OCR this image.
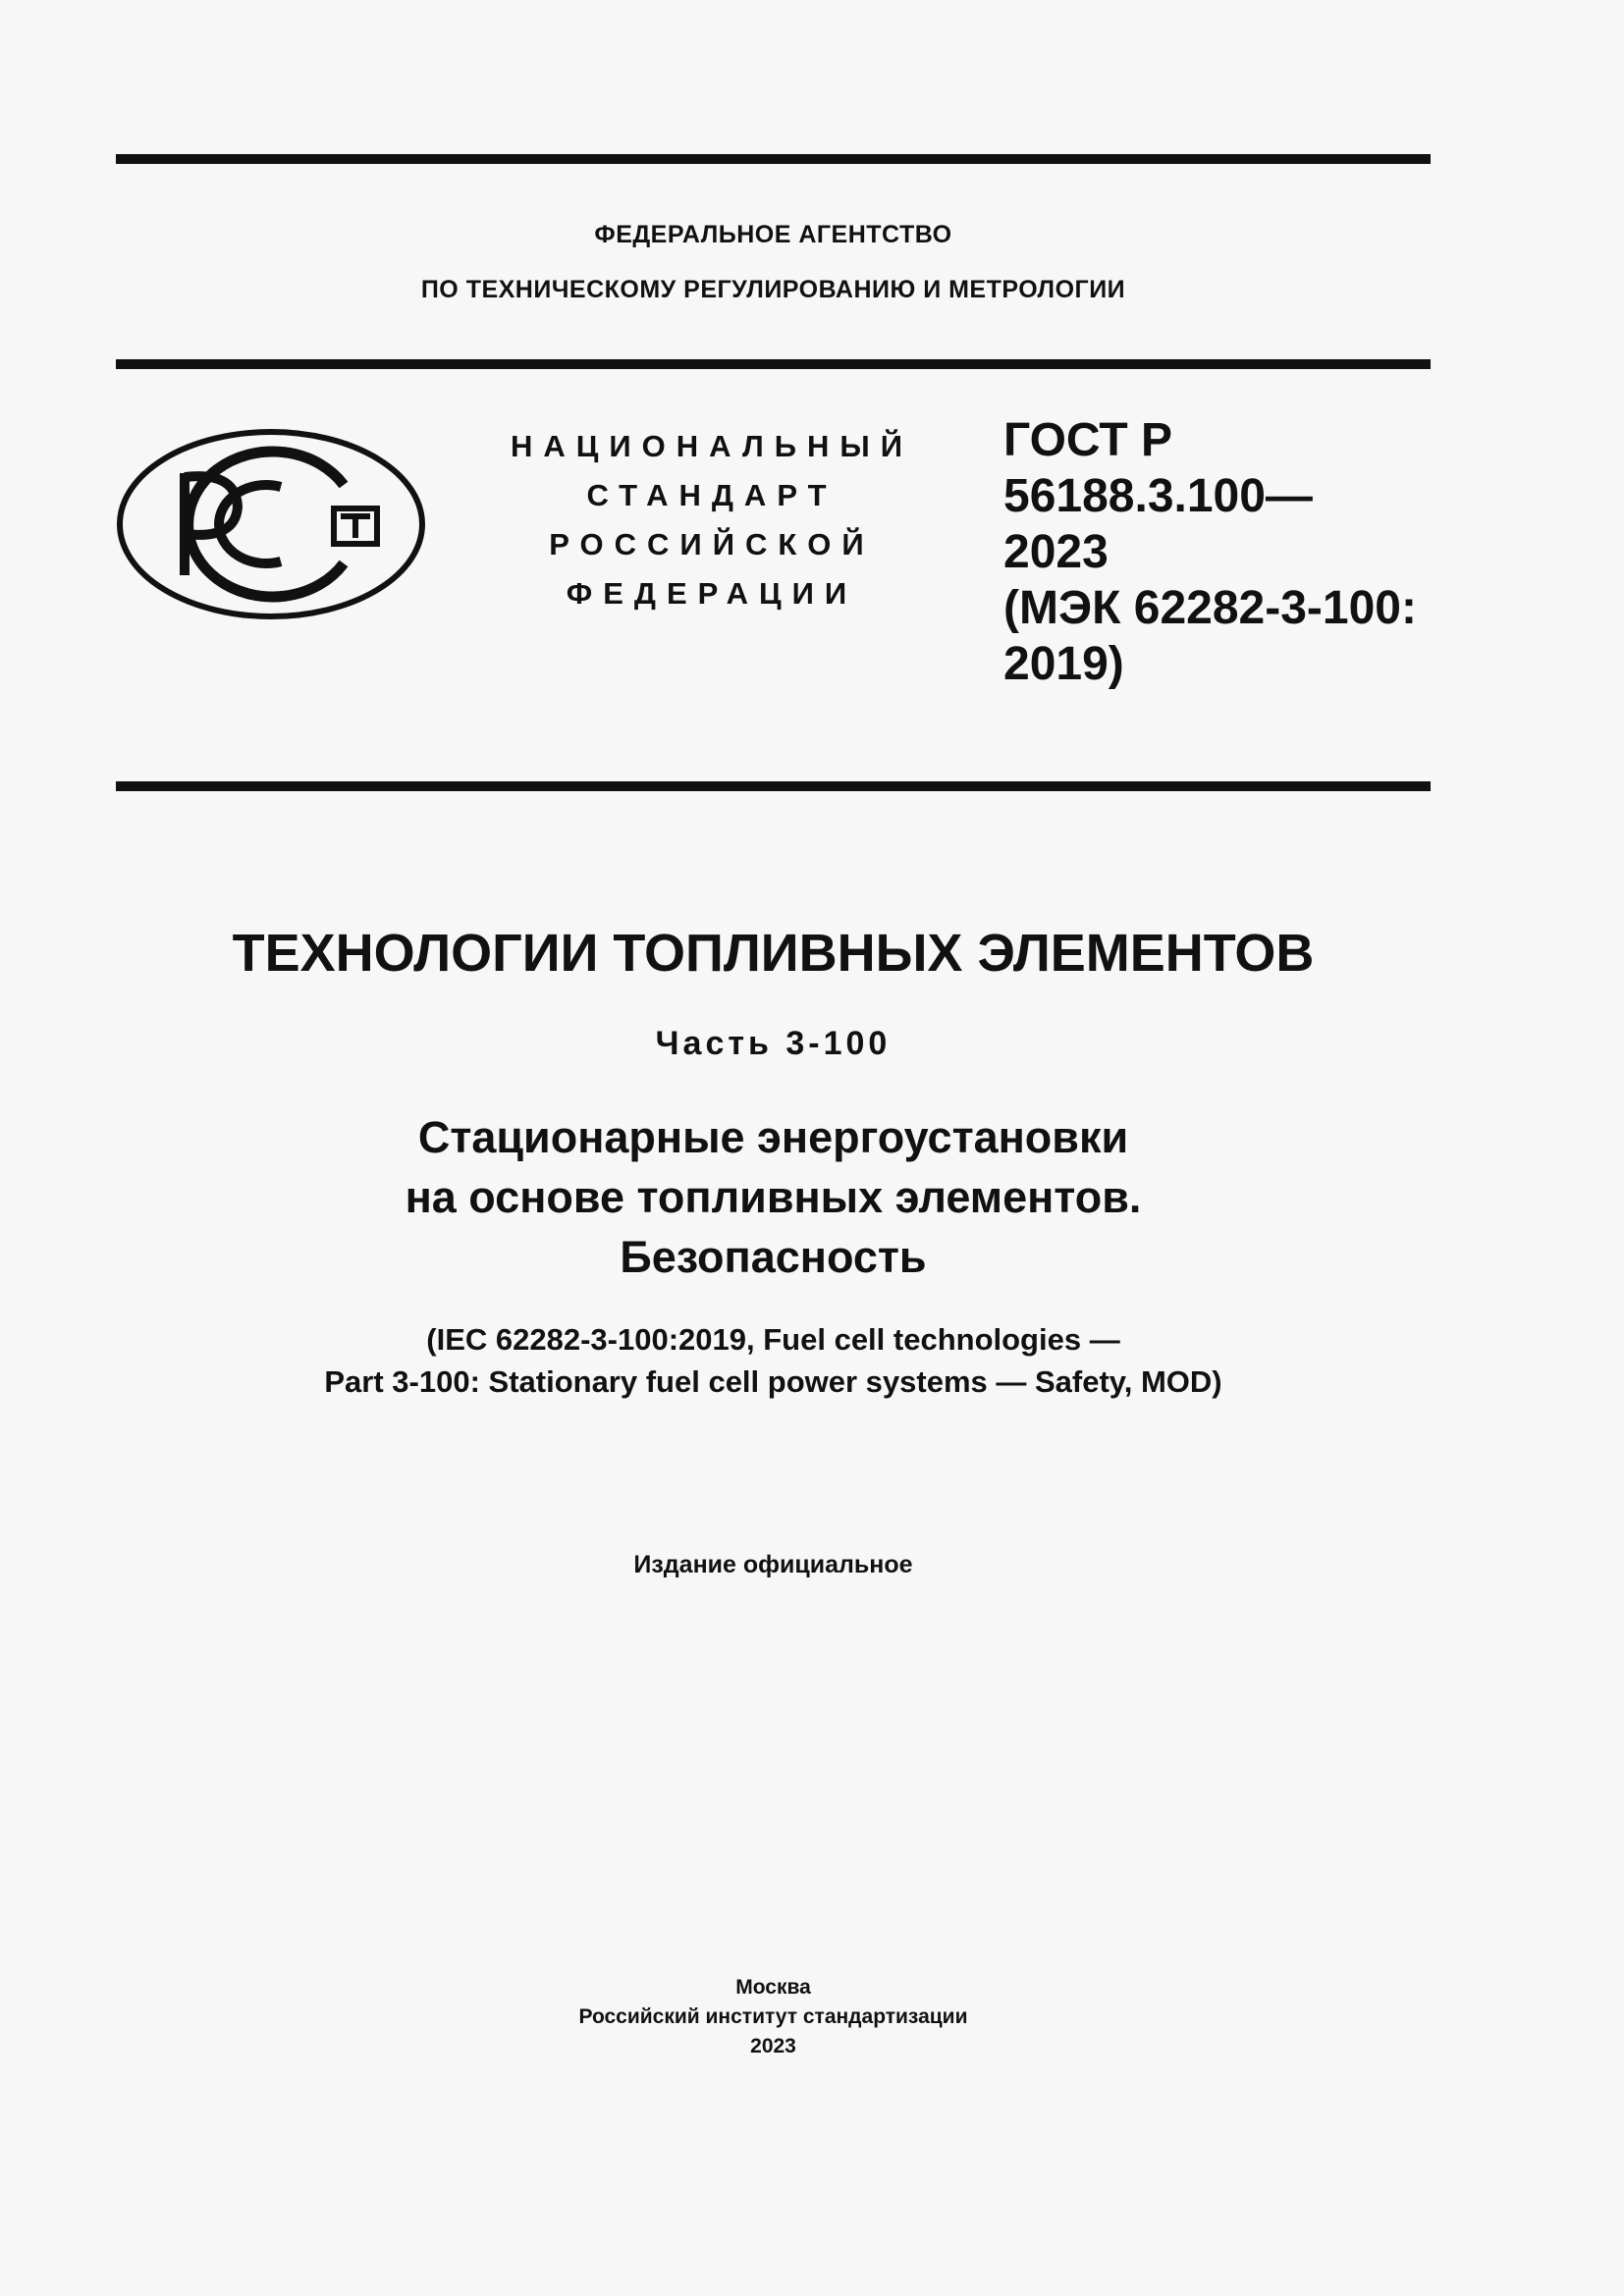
ФЕДЕРАЛЬНОЕ АГЕНТСТВО
ПО ТЕХНИЧЕСКОМУ РЕГУЛИРОВАНИЮ И МЕТРОЛОГИИ
НАЦИОНАЛЬНЫЙ
СТАНДАРТ
РОССИЙСКОЙ
ФЕДЕРАЦИИ
ГОСТ Р
56188.3.100—
2023
(МЭК 62282-3-100:
2019)
ТЕХНОЛОГИИ ТОПЛИВНЫХ ЭЛЕМЕНТОВ
Часть 3-100
Стационарные энергоустановки
на основе топливных элементов.
Безопасность
(IEC 62282-3-100:2019, Fuel cell technologies —
Part 3-100: Stationary fuel cell power systems — Safety, MOD)
Издание официальное
Москва
Российский институт стандартизации
2023
